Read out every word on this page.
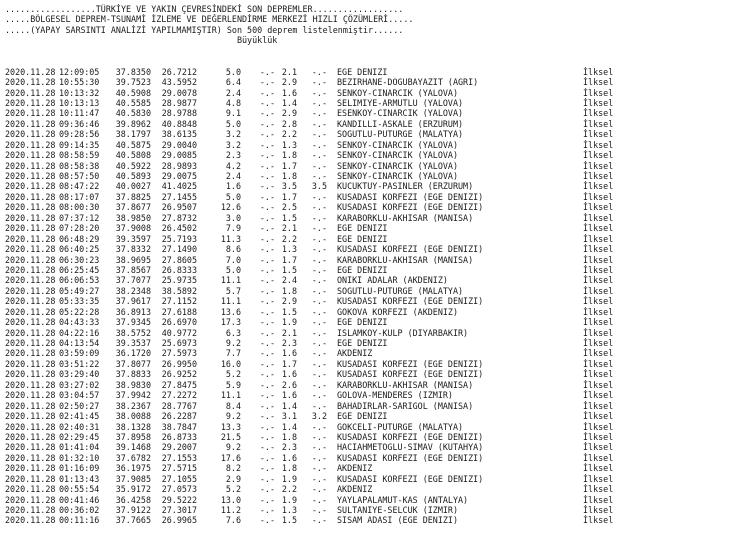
..................TÜRKİYE VE YAKIN ÇEVRESİNDEKİ SON DEPREMLER..................
.....BÖLGESEL DEPREM-TSUNAMİ İZLEME VE DEĞERLENDİRME MERKEZİ HIZLI ÇÖZÜMLERİ.....
.....(YAPAY SARSINTI ANALİZİ YAPILMAMIŞTIR) Son 500 deprem listelenmiştir......
Büyüklük

2020.11.28 12:09:05 37.8350 26.7212	5.0 -.- 2.1 -.- EGE DENIZI	İlksel
2020.11.28 10:55:30 39.7523 43.5952	6.4 -.- 2.9 -.- BEZIRHANE-DOGUBAYAZIT (AGRI)	İlksel
2020.11.28 10:13:32 40.5908 29.0078	2.4 -.- 1.6 -.- SENKOY-CINARCIK (YALOVA)	İlksel
2020.11.28 10:13:13 40.5585 28.9877	4.8 -.- 1.4 -.- SELIMIYE-ARMUTLU (YALOVA)	İlksel
2020.11.28 10:11:47 40.5830 28.9788	9.1 -.- 2.9 -.- ESENKOY-CINARCIK (YALOVA)	İlksel
2020.11.28 09:36:46 39.8962 40.8848	5.0 -.- 2.8 -.- KANDILLI-ASKALE (ERZURUM)	İlksel
2020.11.28 09:28:56 38.1797 38.6135	3.2 -.- 2.2 -.- SOGUTLU-PUTURGE (MALATYA)	İlksel
2020.11.28 09:14:35 40.5875 29.0040	3.2 -.- 1.3 -.- SENKOY-CINARCIK (YALOVA)	İlksel
2020.11.28 08:58:59 40.5808 29.0085	2.3 -.- 1.8 -.- SENKOY-CINARCIK (YALOVA)	İlksel
2020.11.28 08:58:38 40.5922 28.9893	4.2 -.- 1.7 -.- SENKOY-CINARCIK (YALOVA)	İlksel
2020.11.28 08:57:50 40.5893 29.0075	2.4 -.- 1.8 -.- SENKOY-CINARCIK (YALOVA)	İlksel
2020.11.28 08:47:22 40.0027 41.4025	1.6 -.- 3.5 3.5 KUCUKTUY-PASINLER (ERZURUM)	İlksel
2020.11.28 08:17:07 37.8825 27.1455	5.0 -.- 1.7 -.- KUSADASI KORFEZI (EGE DENIZI)	İlksel
2020.11.28 08:00:30 37.8677 26.9507	12.6 -.- 2.5 -.- KUSADASI KORFEZI (EGE DENIZI)	İlksel
2020.11.28 07:37:12 38.9850 27.8732	3.0 -.- 1.5 -.- KARABORKLU-AKHISAR (MANISA)	İlksel
2020.11.28 07:28:20 37.9008 26.4502	7.9 -.- 2.1 -.- EGE DENIZI	İlksel
2020.11.28 06:48:29 39.3597 25.7193	11.3 -.- 2.2 -.- EGE DENIZI	İlksel
2020.11.28 06:40:25 37.8332 27.1490	8.6 -.- 1.3 -.- KUSADASI KORFEZI (EGE DENIZI)	İlksel
2020.11.28 06:30:23 38.9695 27.8605	7.0 -.- 1.7 -.- KARABORKLU-AKHISAR (MANISA)	İlksel
2020.11.28 06:25:45 37.8567 26.8333	5.0 -.- 1.5 -.- EGE DENIZI	İlksel
2020.11.28 06:06:53 37.7077 25.9735	11.1 -.- 2.4 -.- ONIKI ADALAR (AKDENIZ)	İlksel
2020.11.28 05:49:27 38.2348 38.5892	5.7 -.- 1.8 -.- SOGUTLU-PUTURGE (MALATYA)	İlksel
2020.11.28 05:33:35 37.9617 27.1152	11.1 -.- 2.9 -.- KUSADASI KORFEZI (EGE DENIZI)	İlksel
2020.11.28 05:22:28 36.8913 27.6188	13.6 -.- 1.5 -.- GOKOVA KORFEZI (AKDENIZ)	İlksel
2020.11.28 04:43:33 37.9345 26.6970	17.3 -.- 1.9 -.- EGE DENIZI	İlksel
2020.11.28 04:22:16 38.5752 40.9772	6.3 -.- 2.1 -.- ISLAMKOY-KULP (DIYARBAKIR)	İlksel
2020.11.28 04:13:54 39.3537 25.6973	9.2 -.- 2.3 -.- EGE DENIZI	İlksel
2020.11.28 03:59:09 36.1720 27.5973	7.7 -.- 1.6 -.- AKDENIZ	İlksel
2020.11.28 03:51:22 37.8077 26.9950	16.0 -.- 1.7 -.- KUSADASI KORFEZI (EGE DENIZI)	İlksel
2020.11.28 03:29:40 37.8833 26.9252	5.2 -.- 1.6 -.- KUSADASI KORFEZI (EGE DENIZI)	İlksel
2020.11.28 03:27:02 38.9830 27.8475	5.9 -.- 2.6 -.- KARABORKLU-AKHISAR (MANISA)	İlksel
2020.11.28 03:04:57 37.9942 27.2272	11.1 -.- 1.6 -.- GOLOVA-MENDERES (IZMIR)	İlksel
2020.11.28 02:50:27 38.2367 28.7767	8.4 -.- 1.4 -.- BAHADIRLAR-SARIGOL (MANISA)	İlksel
2020.11.28 02:41:45 38.0088 26.2287	9.2 -.- 3.1 3.2 EGE DENIZI	İlksel
2020.11.28 02:40:31 38.1328 38.7847	13.3 -.- 1.4 -.- GOKCELI-PUTURGE (MALATYA)	İlksel
2020.11.28 02:29:45 37.8958 26.8733	21.5 -.- 1.8 -.- KUSADASI KORFEZI (EGE DENIZI)	İlksel
2020.11.28 01:41:04 39.1468 29.2007	9.2 -.- 2.3 -.- HACIAHMETOGLU-SIMAV (KUTAHYA)	İlksel
2020.11.28 01:32:10 37.6782 27.1553	17.6 -.- 1.6 -.- KUSADASI KORFEZI (EGE DENIZI)	İlksel
2020.11.28 01:16:09 36.1975 27.5715	8.2 -.- 1.8 -.- AKDENIZ	İlksel
2020.11.28 01:13:43 37.9085 27.1055	2.9 -.- 1.9 -.- KUSADASI KORFEZI (EGE DENIZI)	İlksel
2020.11.28 00:55:54 35.9172 27.0573	5.2 -.- 2.2 -.- AKDENIZ	İlksel
2020.11.28 00:41:46 36.4258 29.5222	13.0 -.- 1.9 -.- YAYLAPALAMUT-KAS (ANTALYA)	İlksel
2020.11.28 00:36:02 37.9122 27.3017	11.2 -.- 1.3 -.- SULTANIYE-SELCUK (IZMIR)	İlksel
2020.11.28 00:11:16 37.7665 26.9965	7.6 -.- 1.5 -.- SISAM ADASI (EGE DENIZI)	İlksel
